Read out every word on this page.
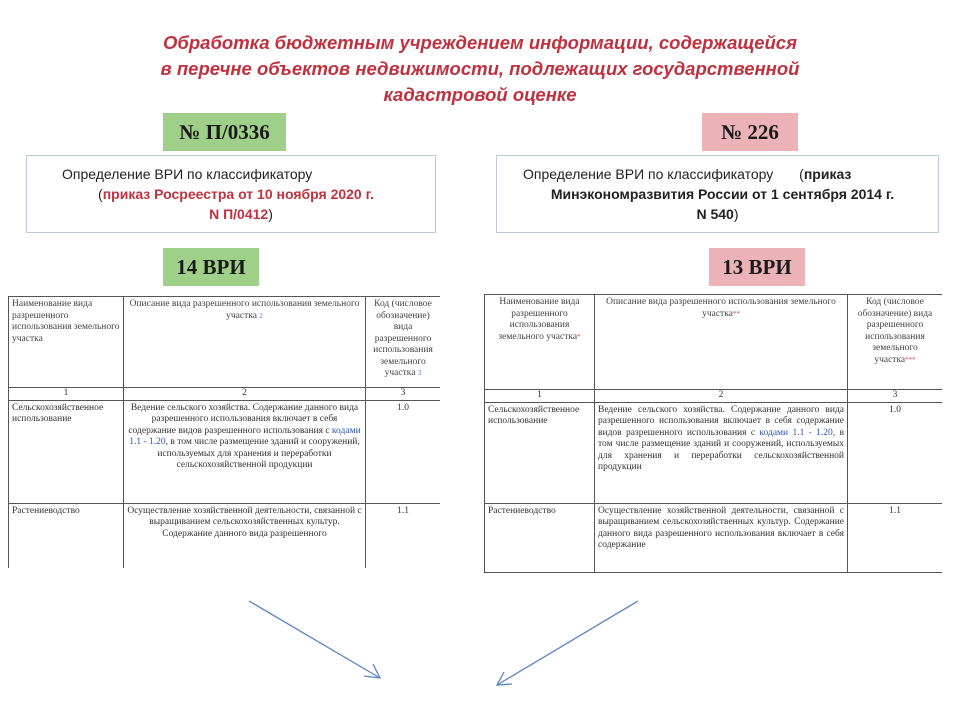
Обработка бюджетным учреждением информации, содержащейся
в перечне объектов недвижимости, подлежащих государственной
кадастровой оценке
№ П/0336
Определение ВРИ по классификатору
(приказ Росреестра от 10 ноября 2020 г.
N П/0412)
14 ВРИ
№ 226
Определение ВРИ по классификатору (приказ
Минэкономразвития России от 1 сентября 2014 г.
N 540)
13 ВРИ
Наименование вида разрешенного использования земельного участка	Описание вида разрешенного использования земельного участка 2	Код (числовое обозначение) вида разрешенного использования земельного участка 3
1	2	3
Сельскохозяйственное использование	Ведение сельского хозяйства. Содержание данного вида разрешенного использования включает в себя содержание видов разрешенного использования с кодами 1.1 - 1.20, в том числе размещение зданий и сооружений, используемых для хранения и переработки сельскохозяйственной продукции	1.0
Растениеводство	Осуществление хозяйственной деятельности, связанной с выращиванием сельскохозяйственных культур. Содержание данного вида разрешенного	1.1
Наименование вида разрешенного использования земельного участка*	Описание вида разрешенного использования земельного участка**	Код (числовое обозначение) вида разрешенного использования земельного участка***
1	2	3
Сельскохозяйственное использование	Ведение сельского хозяйства. Содержание данного вида разрешенного использования включает в себя содержание видов разрешенного использования с кодами 1.1 - 1.20, в том числе размещение зданий и сооружений, используемых для хранения и переработки сельскохозяйственной продукции	1.0
Растениеводство	Осуществление хозяйственной деятельности, связанной с выращиванием сельскохозяйственных культур. Содержание данного вида разрешенного использования включает в себя содержание	1.1
